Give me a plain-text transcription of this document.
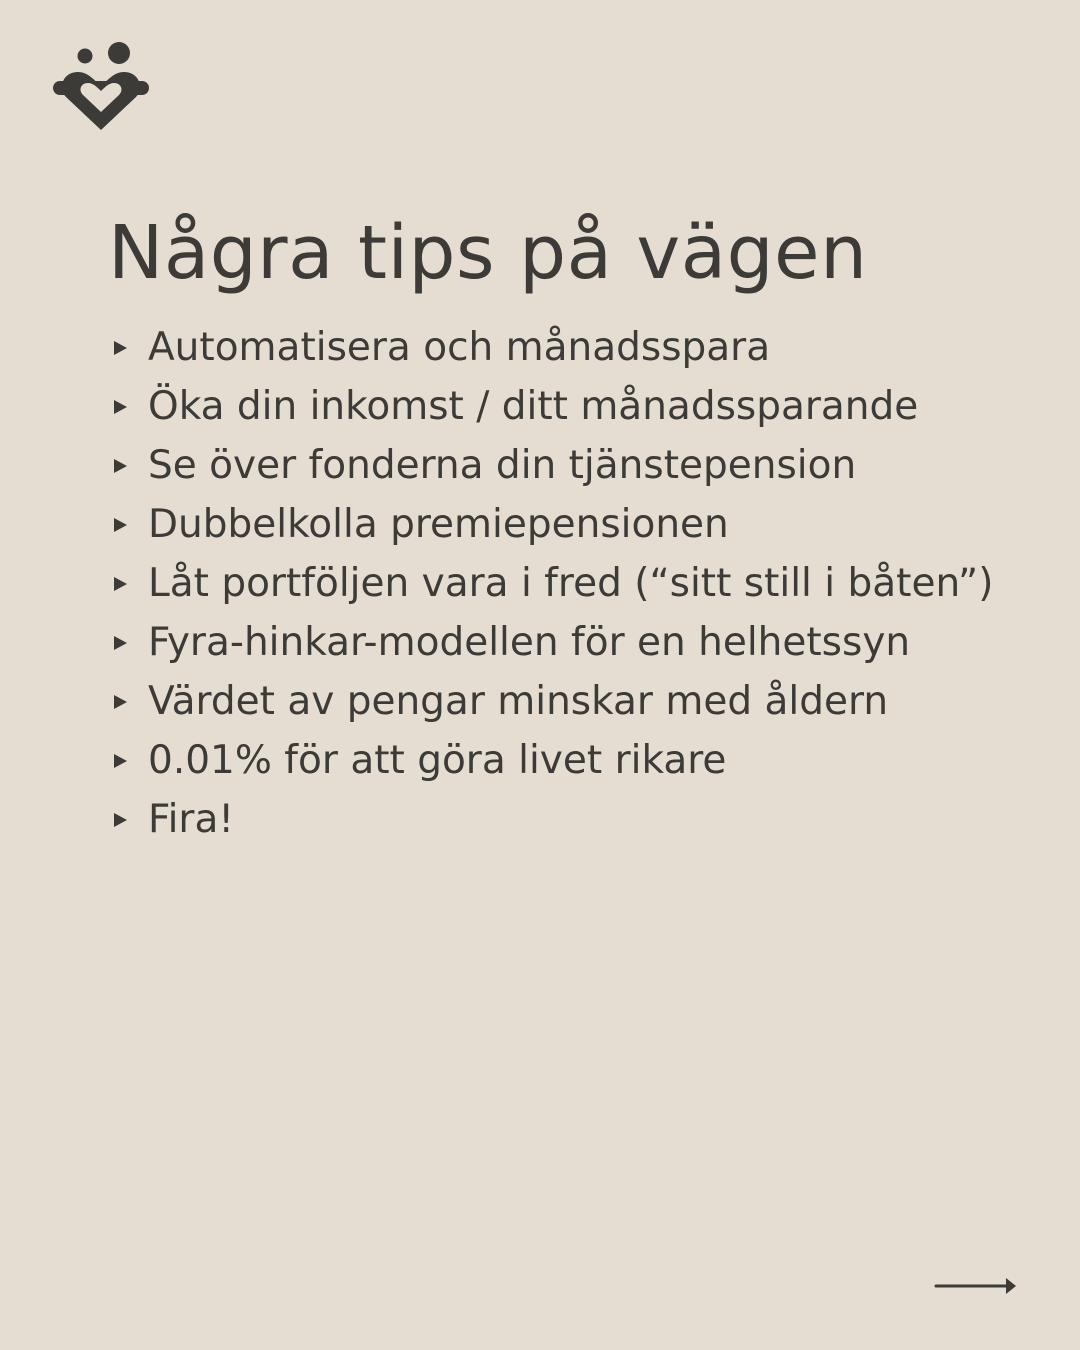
Några tips på vägen
Automatisera och månadsspara
Öka din inkomst / ditt månadssparande
Se över fonderna din tjänstepension
Dubbelkolla premiepensionen
Låt portföljen vara i fred (“sitt still i båten”)
Fyra-hinkar-modellen för en helhetssyn
Värdet av pengar minskar med åldern
0.01% för att göra livet rikare
Fira!
